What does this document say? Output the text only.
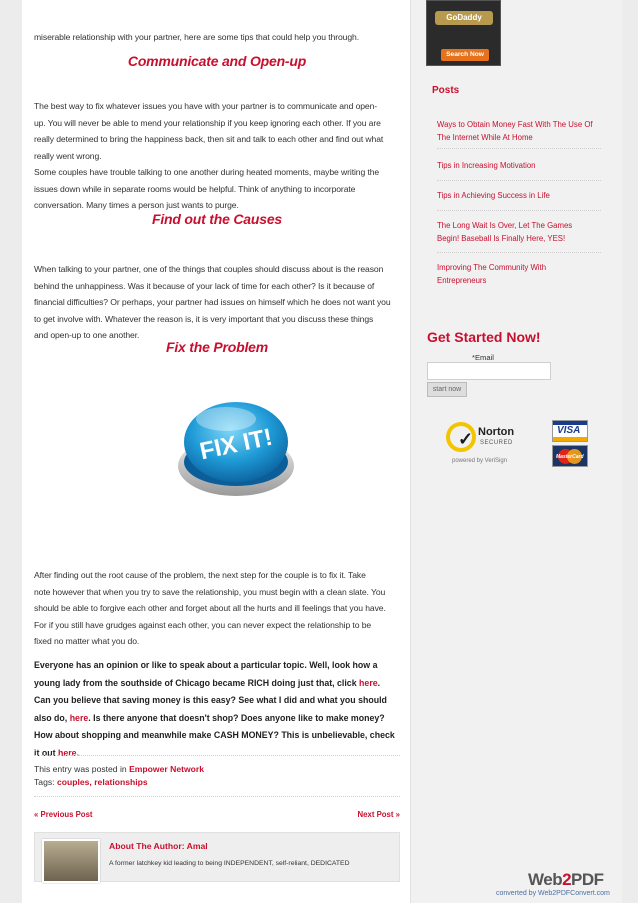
miserable relationship with your partner, here are some tips that could help you through.
Communicate and Open-up
The best way to fix whatever issues you have with your partner is to communicate and open-
up. You will never be able to mend your relationship if you keep ignoring each other. If you are
really determined to bring the happiness back, then sit and talk to each other and find out what
really went wrong.
Some couples have trouble talking to one another during heated moments, maybe writing the
issues down while in separate rooms would be helpful. Think of anything to incorporate
conversation. Many times a person just wants to purge.
Find out the Causes
When talking to your partner, one of the things that couples should discuss about is the reason
behind the unhappiness. Was it because of your lack of time for each other? Is it because of
financial difficulties? Or perhaps, your partner had issues on himself which he does not want you
to get involve with. Whatever the reason is, it is very important that you discuss these things
and open-up to one another.
Fix the Problem
FIX IT!
After finding out the root cause of the problem, the next step for the couple is to fix it. Take
note however that when you try to save the relationship, you must begin with a clean slate. You
should be able to forgive each other and forget about all the hurts and ill feelings that you have.
For if you still have grudges against each other, you can never expect the relationship to be
fixed no matter what you do.
Everyone has an opinion or like to speak about a particular topic. Well, look how a
young lady from the southside of Chicago became RICH doing just that, click here.
Can you believe that saving money is this easy? See what I did and what you should
also do, here. Is there anyone that doesn't shop? Does anyone like to make money?
How about shopping and meanwhile make CASH MONEY? This is unbelievable, check
it out here.
This entry was posted in Empower Network
Tags: couples, relationships
« Previous Post	Next Post »
About The Author: Amal
A former latchkey kid leading to being INDEPENDENT, self-reliant, DEDICATED
GoDaddy
Search Now
Posts
Ways to Obtain Money Fast With The Use Of
The Internet While At Home
Tips in Increasing Motivation
Tips in Achieving Success in Life
The Long Wait Is Over, Let The Games
Begin! Baseball Is Finally Here, YES!
Improving The Community With
Entrepreneurs
Get Started Now!
*Email
start now
✓ Norton
SECURED
powered by VeriSign
VISA
MasterCard
Web2PDF
converted by Web2PDFConvert.com
